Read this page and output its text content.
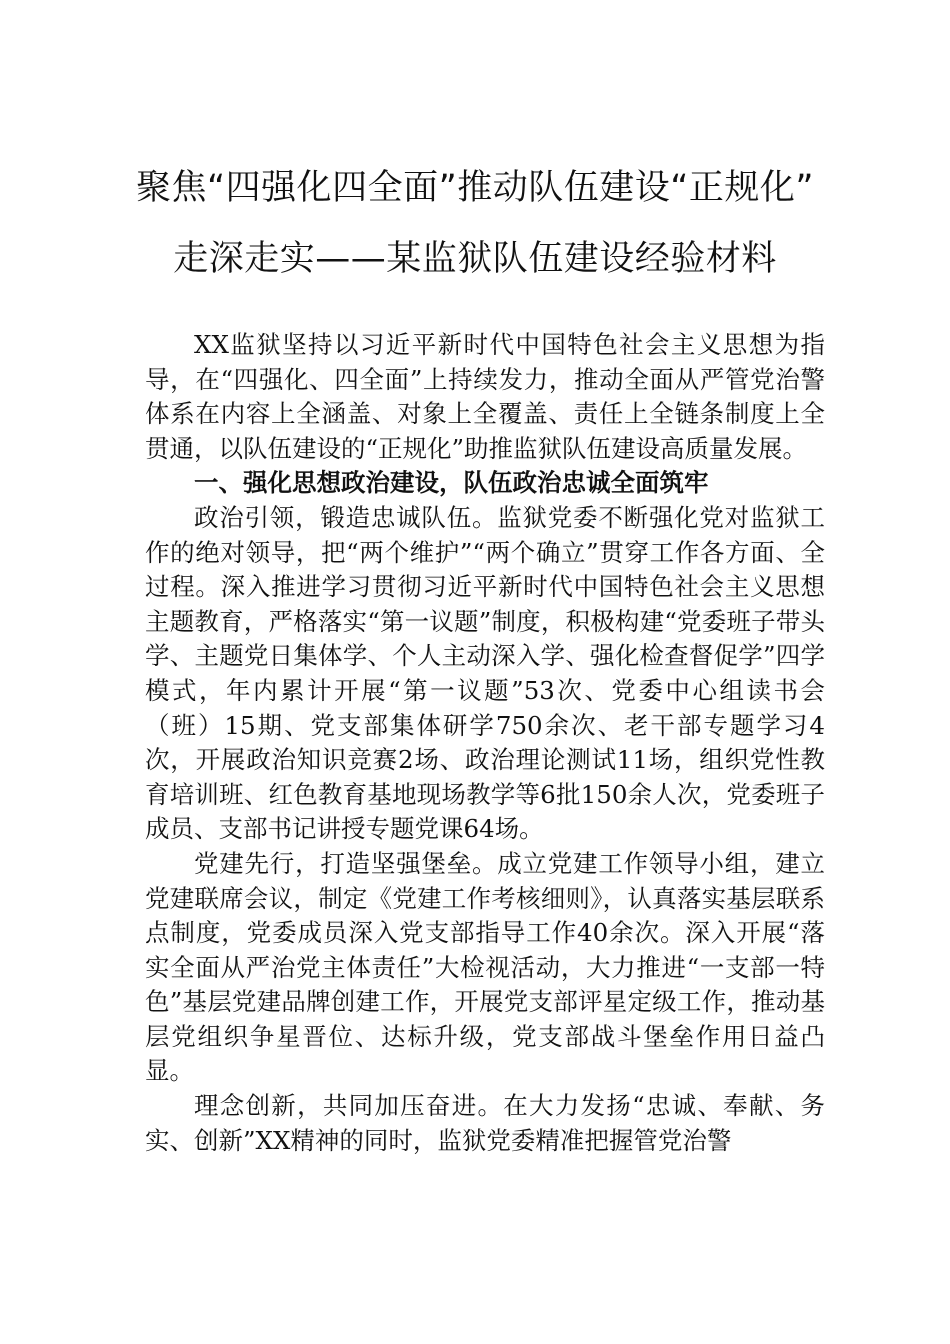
聚焦“四强化四全面”推动队伍建设“正规化”
走深走实——某监狱队伍建设经验材料

XX监狱坚持以习近平新时代中国特色社会主义思想为指导，在“四强化、四全面”上持续发力，推动全面从严管党治警体系在内容上全涵盖、对象上全覆盖、责任上全链条制度上全贯通，以队伍建设的“正规化”助推监狱队伍建设高质量发展。

一、强化思想政治建设，队伍政治忠诚全面筑牢

政治引领，锻造忠诚队伍。监狱党委不断强化党对监狱工作的绝对领导，把“两个维护”“两个确立”贯穿工作各方面、全过程。深入推进学习贯彻习近平新时代中国特色社会主义思想主题教育，严格落实“第一议题”制度，积极构建“党委班子带头学、主题党日集体学、个人主动深入学、强化检查督促学”四学模式，年内累计开展“第一议题”53次、党委中心组读书会（班）15期、党支部集体研学750余次、老干部专题学习4次，开展政治知识竞赛2场、政治理论测试11场，组织党性教育培训班、红色教育基地现场教学等6批150余人次，党委班子成员、支部书记讲授专题党课64场。

党建先行，打造坚强堡垒。成立党建工作领导小组，建立党建联席会议，制定《党建工作考核细则》，认真落实基层联系点制度，党委成员深入党支部指导工作40余次。深入开展“落实全面从严治党主体责任”大检视活动，大力推进“一支部一特色”基层党建品牌创建工作，开展党支部评星定级工作，推动基层党组织争星晋位、达标升级，党支部战斗堡垒作用日益凸显。

理念创新，共同加压奋进。在大力发扬“忠诚、奉献、务实、创新”XX精神的同时，监狱党委精准把握管党治警
